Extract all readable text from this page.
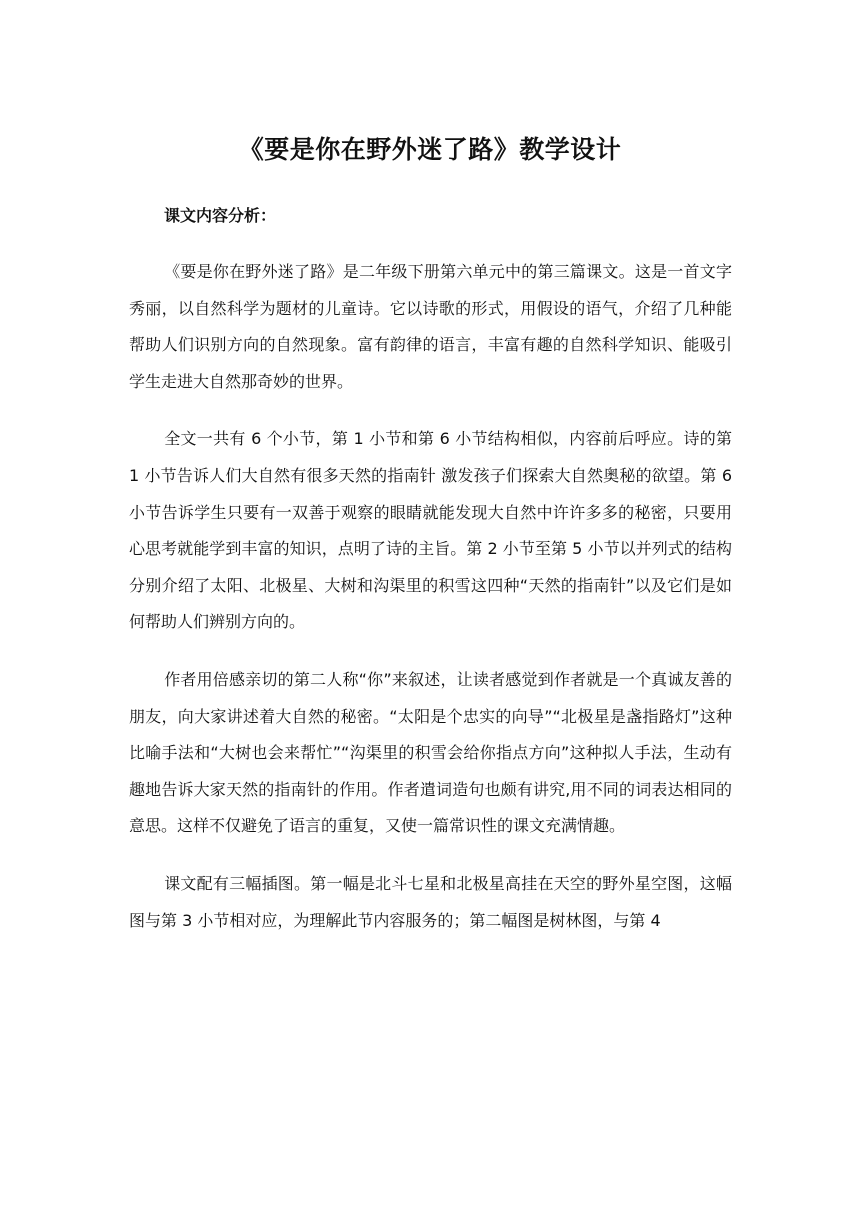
《要是你在野外迷了路》教学设计

课文内容分析：

《要是你在野外迷了路》是二年级下册第六单元中的第三篇课文。这是一首文字秀丽，以自然科学为题材的儿童诗。它以诗歌的形式，用假设的语气，介绍了几种能帮助人们识别方向的自然现象。富有韵律的语言，丰富有趣的自然科学知识、能吸引学生走进大自然那奇妙的世界。

全文一共有 6 个小节，第 1 小节和第 6 小节结构相似，内容前后呼应。诗的第 1 小节告诉人们大自然有很多天然的指南针 激发孩子们探索大自然奥秘的欲望。第 6 小节告诉学生只要有一双善于观察的眼睛就能发现大自然中许许多多的秘密，只要用心思考就能学到丰富的知识，点明了诗的主旨。第 2 小节至第 5 小节以并列式的结构分别介绍了太阳、北极星、大树和沟渠里的积雪这四种“天然的指南针”以及它们是如何帮助人们辨别方向的。

作者用倍感亲切的第二人称“你”来叙述，让读者感觉到作者就是一个真诚友善的朋友，向大家讲述着大自然的秘密。“太阳是个忠实的向导”“北极星是盏指路灯”这种比喻手法和“大树也会来帮忙”“沟渠里的积雪会给你指点方向”这种拟人手法，生动有趣地告诉大家天然的指南针的作用。作者遣词造句也颇有讲究,用不同的词表达相同的意思。这样不仅避免了语言的重复，又使一篇常识性的课文充满情趣。

课文配有三幅插图。第一幅是北斗七星和北极星高挂在天空的野外星空图，这幅图与第 3 小节相对应，为理解此节内容服务的；第二幅图是树林图，与第 4
